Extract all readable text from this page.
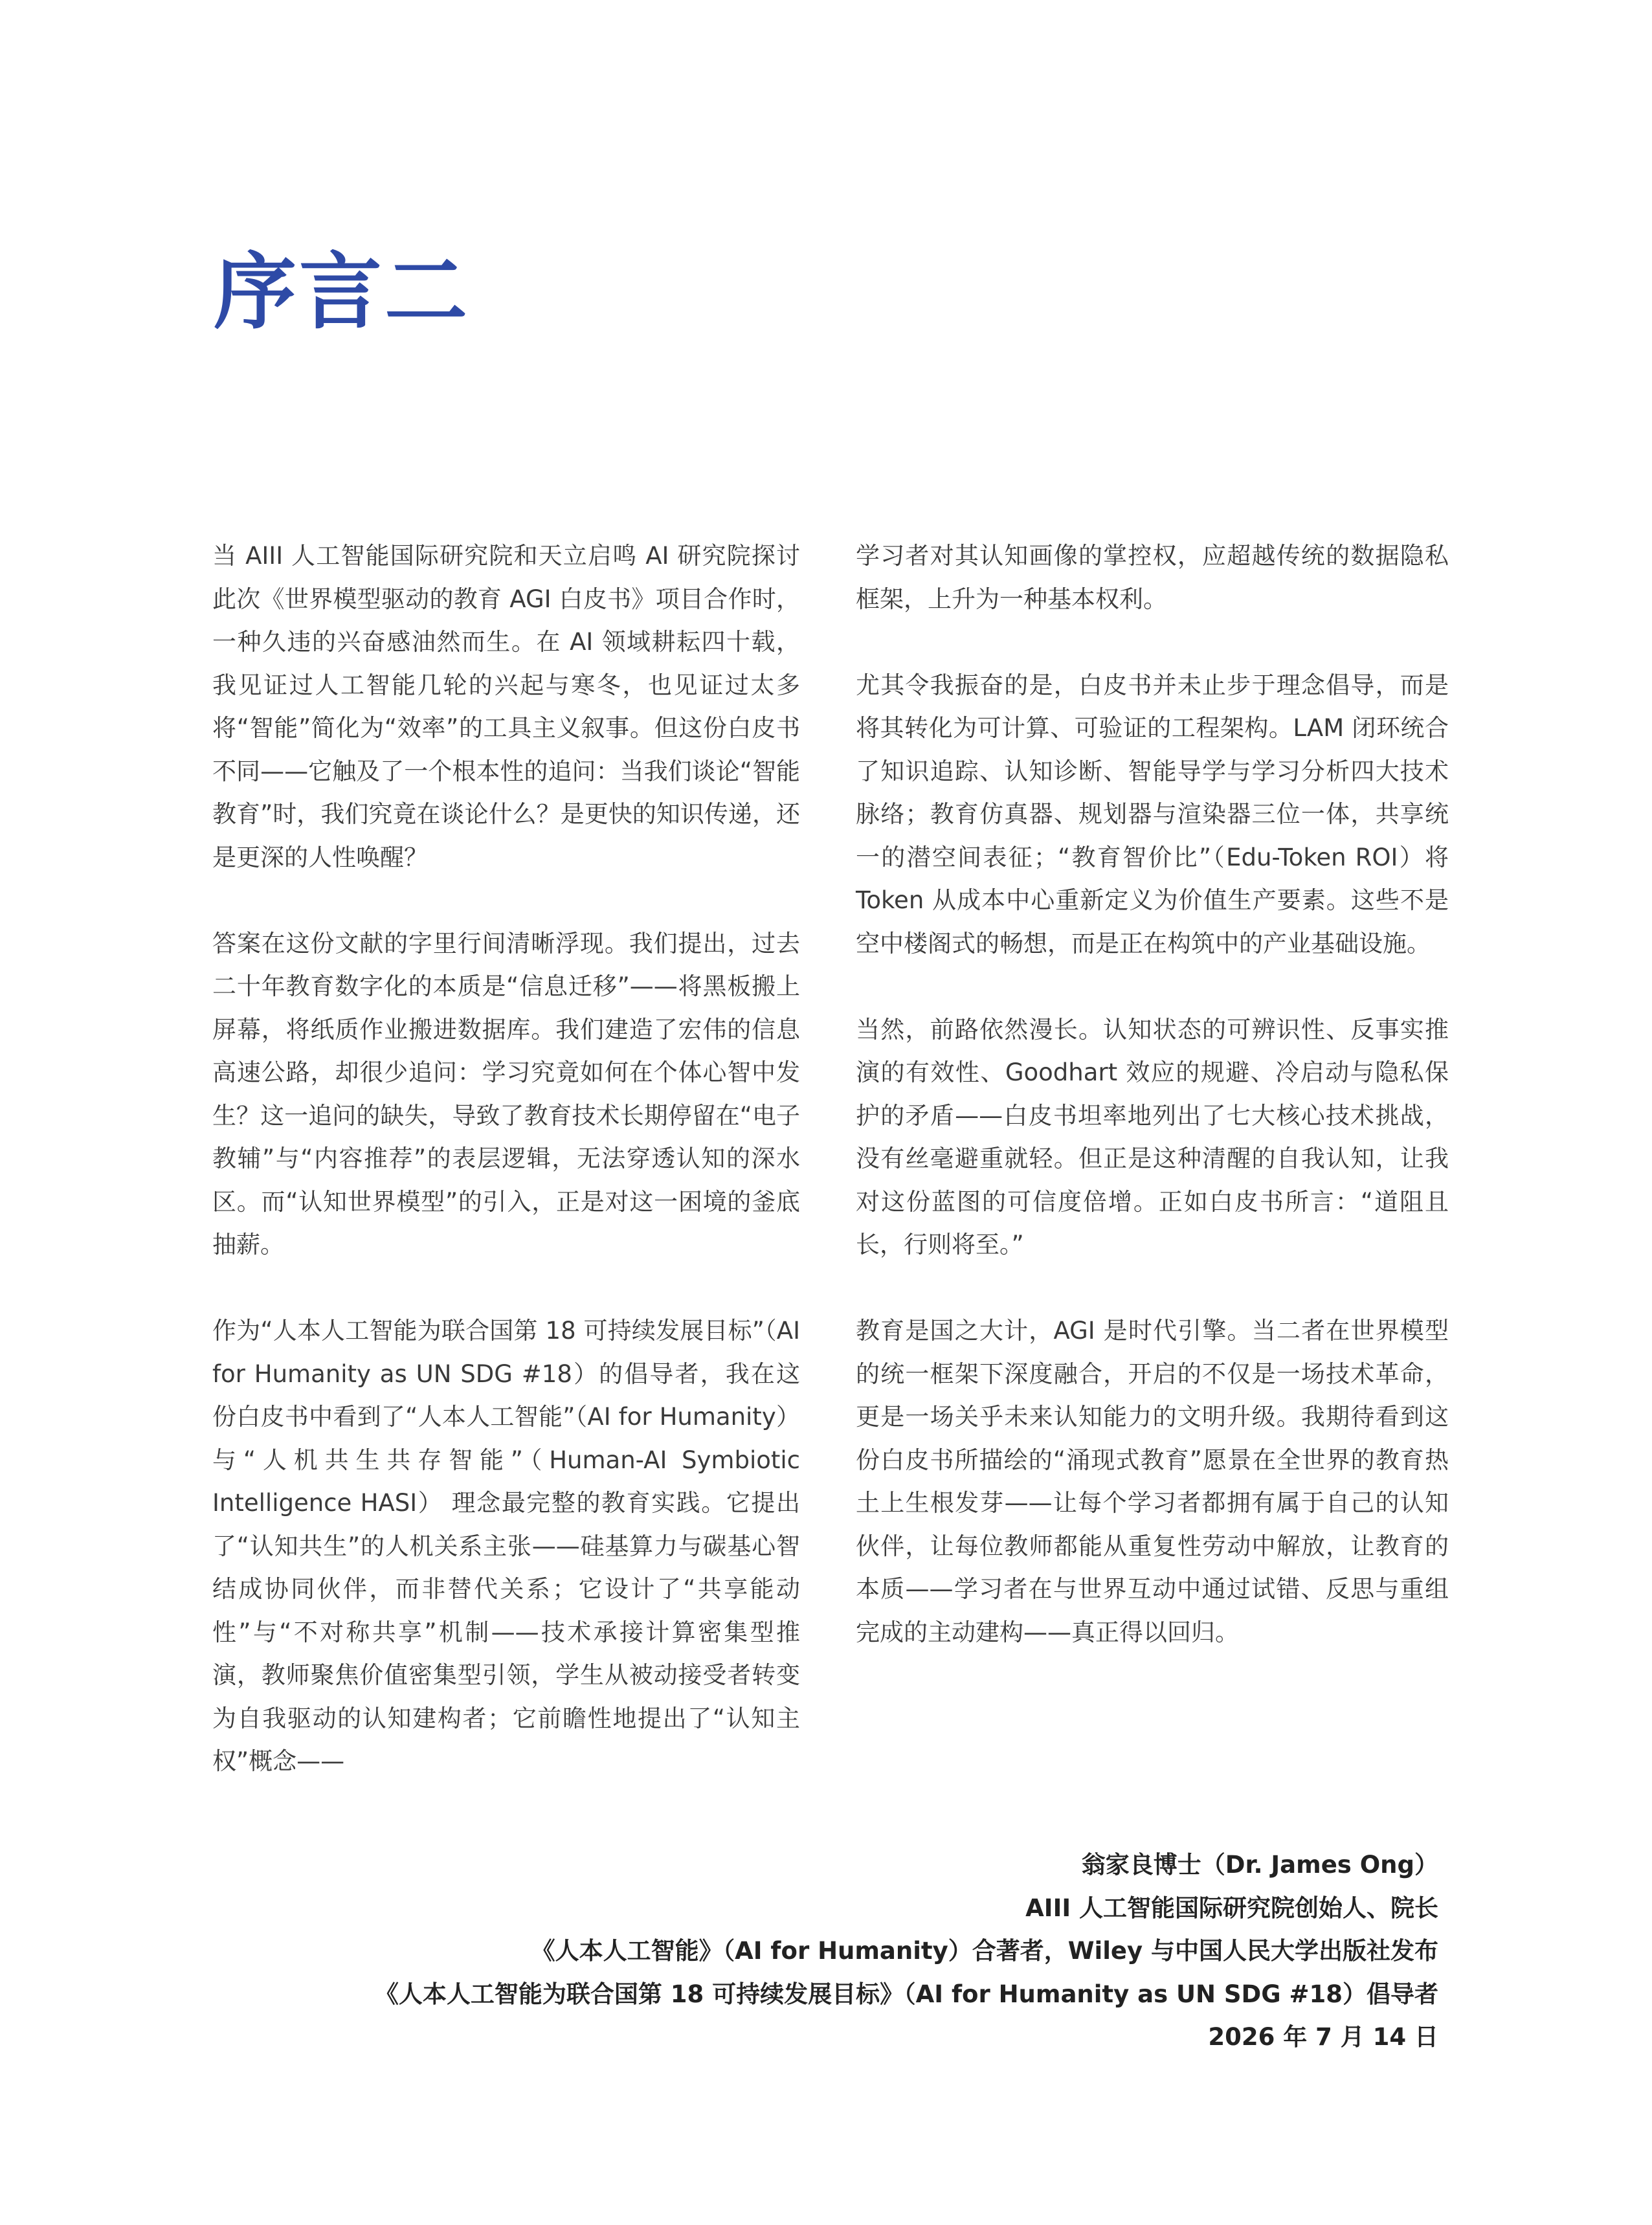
序言二

当 AIII 人工智能国际研究院和天立启鸣 AI 研究院探讨此次《世界模型驱动的教育 AGI 白皮书》项目合作时，一种久违的兴奋感油然而生。在 AI 领域耕耘四十载，我见证过人工智能几轮的兴起与寒冬，也见证过太多将“智能”简化为“效率”的工具主义叙事。但这份白皮书不同——它触及了一个根本性的追问：当我们谈论“智能教育”时，我们究竟在谈论什么？是更快的知识传递，还是更深的人性唤醒？

答案在这份文献的字里行间清晰浮现。我们提出，过去二十年教育数字化的本质是“信息迁移”——将黑板搬上屏幕，将纸质作业搬进数据库。我们建造了宏伟的信息高速公路，却很少追问：学习究竟如何在个体心智中发生？这一追问的缺失，导致了教育技术长期停留在“电子教辅”与“内容推荐”的表层逻辑，无法穿透认知的深水区。而“认知世界模型”的引入，正是对这一困境的釜底抽薪。

作为“人本人工智能为联合国第 18 可持续发展目标”（AI for Humanity as UN SDG #18）的倡导者，我在这份白皮书中看到了“人本人工智能”（AI for Humanity）与“人机共生共存智能”（Human-AI Symbiotic Intelligence HASI） 理念最完整的教育实践。它提出了“认知共生”的人机关系主张——硅基算力与碳基心智结成协同伙伴，而非替代关系；它设计了“共享能动性”与“不对称共享”机制——技术承接计算密集型推演，教师聚焦价值密集型引领，学生从被动接受者转变为自我驱动的认知建构者；它前瞻性地提出了“认知主权”概念——

学习者对其认知画像的掌控权，应超越传统的数据隐私框架，上升为一种基本权利。

尤其令我振奋的是，白皮书并未止步于理念倡导，而是将其转化为可计算、可验证的工程架构。LAM 闭环统合了知识追踪、认知诊断、智能导学与学习分析四大技术脉络；教育仿真器、规划器与渲染器三位一体，共享统一的潜空间表征；“教育智价比”（Edu-Token ROI）将 Token 从成本中心重新定义为价值生产要素。这些不是空中楼阁式的畅想，而是正在构筑中的产业基础设施。

当然，前路依然漫长。认知状态的可辨识性、反事实推演的有效性、Goodhart 效应的规避、冷启动与隐私保护的矛盾——白皮书坦率地列出了七大核心技术挑战，没有丝毫避重就轻。但正是这种清醒的自我认知，让我对这份蓝图的可信度倍增。正如白皮书所言：“道阻且长，行则将至。”

教育是国之大计，AGI 是时代引擎。当二者在世界模型的统一框架下深度融合，开启的不仅是一场技术革命，更是一场关乎未来认知能力的文明升级。我期待看到这份白皮书所描绘的“涌现式教育”愿景在全世界的教育热土上生根发芽——让每个学习者都拥有属于自己的认知伙伴，让每位教师都能从重复性劳动中解放，让教育的本质——学习者在与世界互动中通过试错、反思与重组完成的主动建构——真正得以回归。

翁家良博士（Dr. James Ong）
AIII 人工智能国际研究院创始人、院长
《人本人工智能》（AI for Humanity）合著者，Wiley 与中国人民大学出版社发布
《人本人工智能为联合国第 18 可持续发展目标》（AI for Humanity as UN SDG #18）倡导者
2026 年 7 月 14 日
